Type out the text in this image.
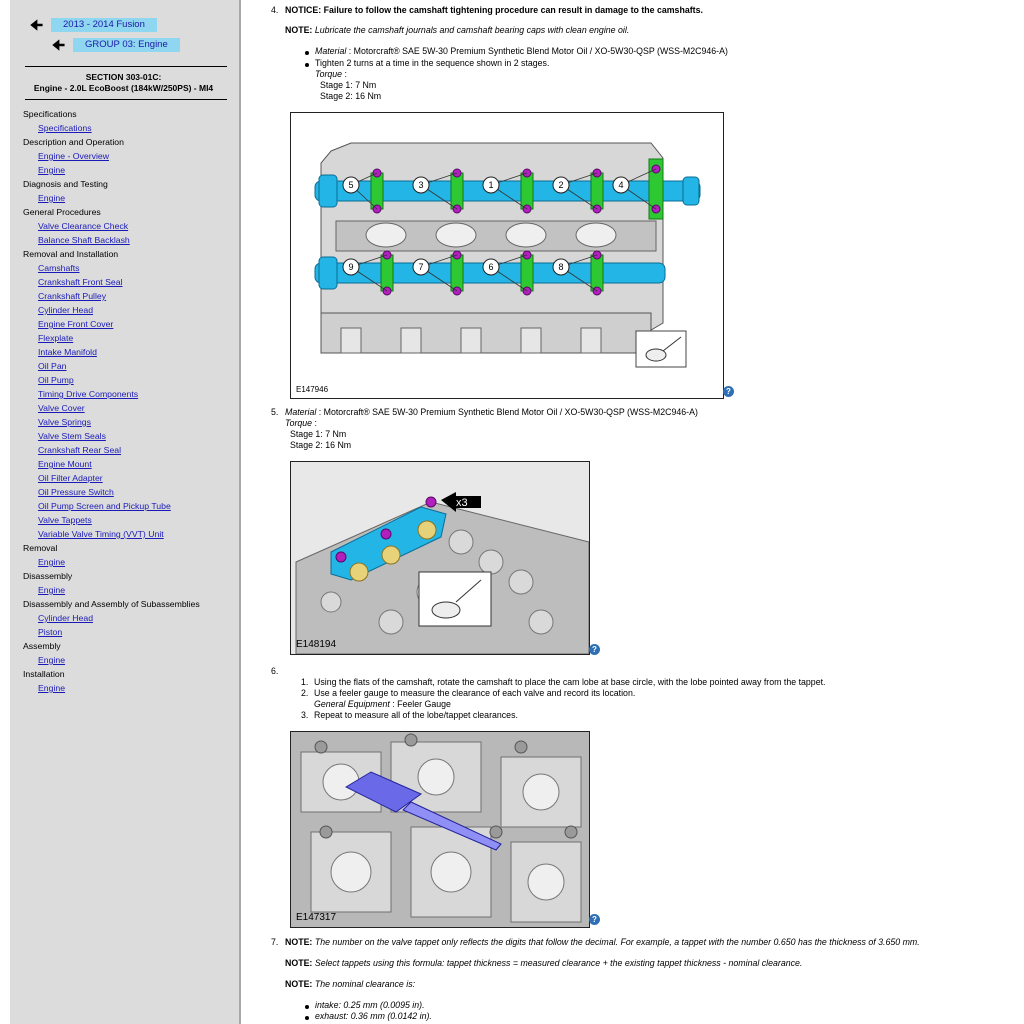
🠈	2013 - 2014 Fusion
🠈	GROUP 03: Engine
SECTION 303-01C:
Engine - 2.0L EcoBoost (184kW/250PS) - MI4
Specifications
Specifications
Description and Operation
Engine - Overview
Engine
Diagnosis and Testing
Engine
General Procedures
Valve Clearance Check
Balance Shaft Backlash
Removal and Installation
Camshafts
Crankshaft Front Seal
Crankshaft Pulley
Cylinder Head
Engine Front Cover
Flexplate
Intake Manifold
Oil Pan
Oil Pump
Timing Drive Components
Valve Cover
Valve Springs
Valve Stem Seals
Crankshaft Rear Seal
Engine Mount
Oil Filter Adapter
Oil Pressure Switch
Oil Pump Screen and Pickup Tube
Valve Tappets
Variable Valve Timing (VVT) Unit
Removal
Engine
Disassembly
Engine
Disassembly and Assembly of Subassemblies
Cylinder Head
Piston
Assembly
Engine
Installation
Engine
4. NOTICE: Failure to follow the camshaft tightening procedure can result in damage to the camshafts.
NOTE: Lubricate the camshaft journals and camshaft bearing caps with clean engine oil.
Material : Motorcraft® SAE 5W-30 Premium Synthetic Blend Motor Oil / XO-5W30-QSP (WSS-M2C946-A)
Tighten 2 turns at a time in the sequence shown in 2 stages.
Torque :
Stage 1: 7 Nm
Stage 2: 16 Nm
5	3	1	2	4
9	7	6	8
E147946	?
5. Material : Motorcraft® SAE 5W-30 Premium Synthetic Blend Motor Oil / XO-5W30-QSP (WSS-M2C946-A)
Torque :
Stage 1: 7 Nm
Stage 2: 16 Nm
x3
E148194	?
6.
1. Using the flats of the camshaft, rotate the camshaft to place the cam lobe at base circle, with the lobe pointed away from the tappet.
2. Use a feeler gauge to measure the clearance of each valve and record its location.
General Equipment : Feeler Gauge
3. Repeat to measure all of the lobe/tappet clearances.
E147317	?
7. NOTE: The number on the valve tappet only reflects the digits that follow the decimal. For example, a tappet with the number 0.650 has the thickness of 3.650 mm.
NOTE: Select tappets using this formula: tappet thickness = measured clearance + the existing tappet thickness - nominal clearance.
NOTE: The nominal clearance is:
intake: 0.25 mm (0.0095 in).
exhaust: 0.36 mm (0.0142 in).
